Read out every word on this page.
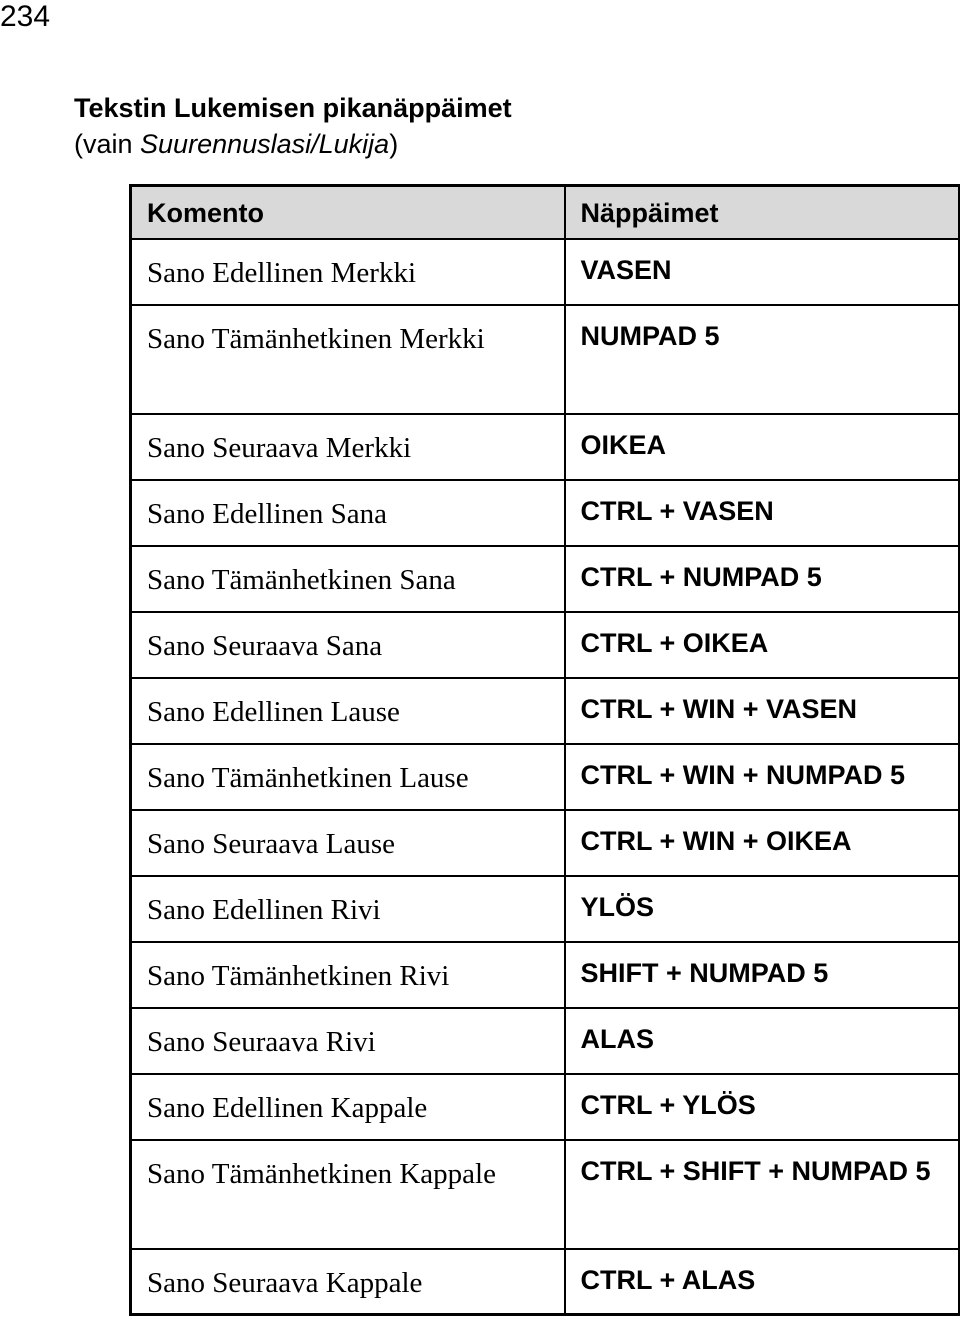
234
Tekstin Lukemisen pikanäppäimet
(vain Suurennuslasi/Lukija)
Komento	Näppäimet
Sano Edellinen Merkki	VASEN
Sano Tämänhetkinen Merkki	NUMPAD 5
Sano Seuraava Merkki	OIKEA
Sano Edellinen Sana	CTRL + VASEN
Sano Tämänhetkinen Sana	CTRL + NUMPAD 5
Sano Seuraava Sana	CTRL + OIKEA
Sano Edellinen Lause	CTRL + WIN + VASEN
Sano Tämänhetkinen Lause	CTRL + WIN + NUMPAD 5
Sano Seuraava Lause	CTRL + WIN + OIKEA
Sano Edellinen Rivi	YLÖS
Sano Tämänhetkinen Rivi	SHIFT + NUMPAD 5
Sano Seuraava Rivi	ALAS
Sano Edellinen Kappale	CTRL + YLÖS
Sano Tämänhetkinen Kappale	CTRL + SHIFT + NUMPAD 5
Sano Seuraava Kappale	CTRL + ALAS
